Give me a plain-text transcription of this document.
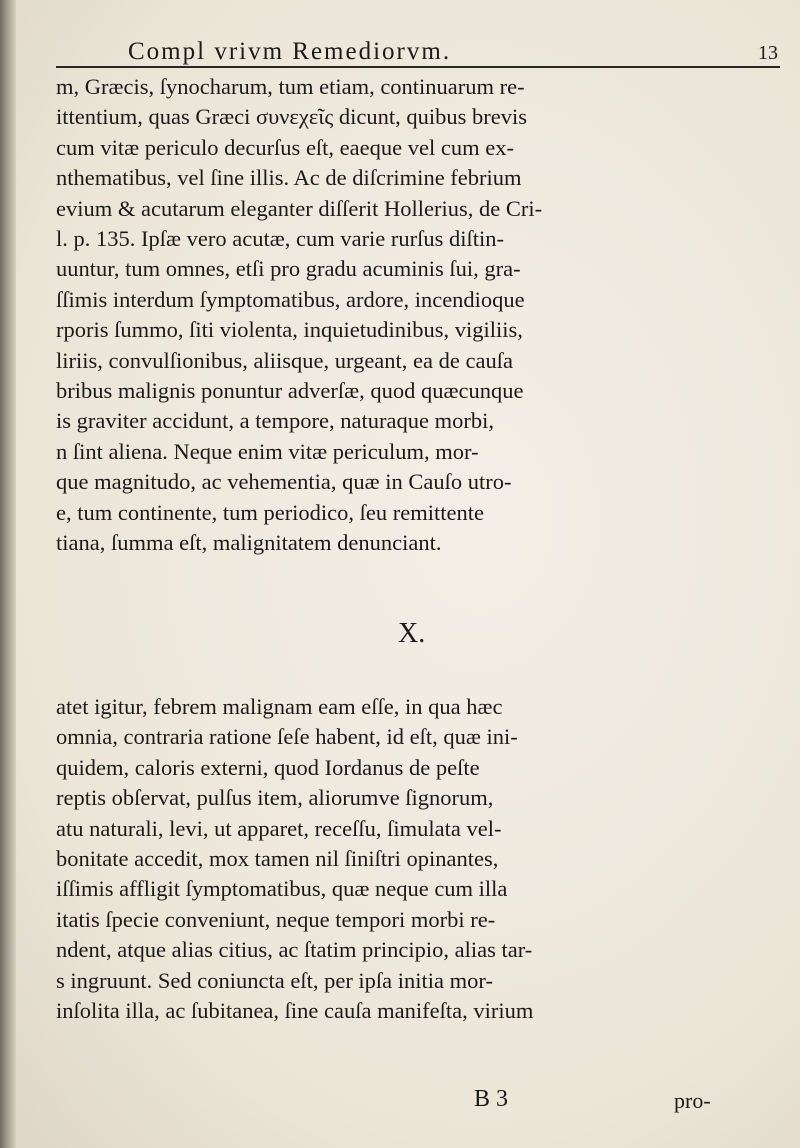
Compl vrivm Remediorvm.	13

m, Græcis, ſynocharum, tum etiam, continuarum re-
ittentium, quas Græci συνεχεῖς dicunt, quibus brevis
cum vitæ periculo decurſus eſt, eaeque vel cum ex-
nthematibus, vel ſine illis. Ac de diſcrimine febrium
evium & acutarum eleganter diſſerit Hollerius, de Cri-
l. p. 135. Ipſæ vero acutæ, cum varie rurſus diſtin-
uuntur, tum omnes, etſi pro gradu acuminis ſui, gra-
ſſimis interdum ſymptomatibus, ardore, incendioque
rporis ſummo, ſiti violenta, inquietudinibus, vigiliis,
liriis, convulſionibus, aliisque, urgeant, ea de cauſa
bribus malignis ponuntur adverſæ, quod quæcunque
is graviter accidunt, a tempore, naturaque morbi,
n ſint aliena. Neque enim vitæ periculum, mor-
que magnitudo, ac vehementia, quæ in Cauſo utro-
e, tum continente, tum periodico, ſeu remittente
tiana, ſumma eſt, malignitatem denunciant.

X.

atet igitur, febrem malignam eam eſſe, in qua hæc
omnia, contraria ratione ſeſe habent, id eſt, quæ ini-
quidem, caloris externi, quod Iordanus de peſte
reptis obſervat, pulſus item, aliorumve ſignorum,
atu naturali, levi, ut apparet, receſſu, ſimulata vel-
bonitate accedit, mox tamen nil ſiniſtri opinantes,
iſſimis affligit ſymptomatibus, quæ neque cum illa
itatis ſpecie conveniunt, neque tempori morbi re-
ndent, atque alias citius, ac ſtatim principio, alias tar-
s ingruunt. Sed coniuncta eſt, per ipſa initia mor-
inſolita illa, ac ſubitanea, ſine cauſa manifeſta, virium

B 3	pro-
